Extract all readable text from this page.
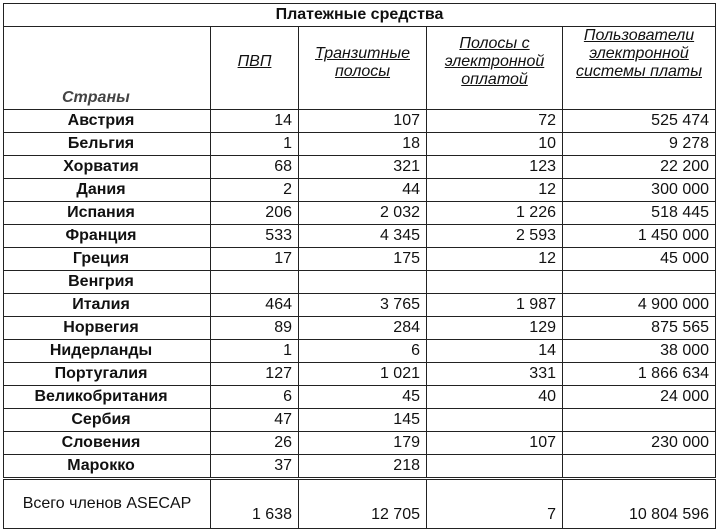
Платежные средства				
Страны	ПВП	Транзитные полосы	Полосы с электронной оплатой	Пользователи электронной системы платы

Австрия	14	107	72	525 474
Бельгия	1	18	10	9 278
Хорватия	68	321	123	22 200
Дания	2	44	12	300 000
Испания	206	2 032	1 226	518 445
Франция	533	4 345	2 593	1 450 000
Греция	17	175	12	45 000
Венгрия				
Италия	464	3 765	1 987	4 900 000
Норвегия	89	284	129	875 565
Нидерланды	1	6	14	38 000
Португалия	127	1 021	331	1 866 634
Великобритания	6	45	40	24 000
Сербия	47	145		
Словения	26	179	107	230 000
Марокко	37	218		
Всего членов ASECAP	1 638	12 705	7	10 804 596
